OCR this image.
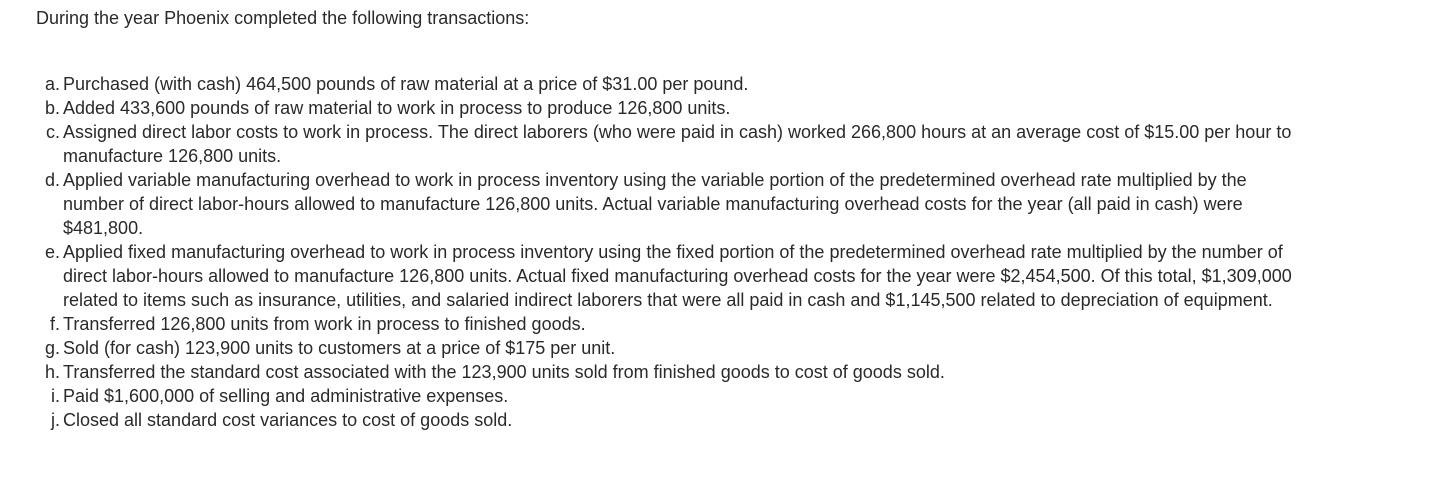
During the year Phoenix completed the following transactions:

a. Purchased (with cash) 464,500 pounds of raw material at a price of $31.00 per pound.
b. Added 433,600 pounds of raw material to work in process to produce 126,800 units.
c. Assigned direct labor costs to work in process. The direct laborers (who were paid in cash) worked 266,800 hours at an average cost of $15.00 per hour to manufacture 126,800 units.
d. Applied variable manufacturing overhead to work in process inventory using the variable portion of the predetermined overhead rate multiplied by the number of direct labor-hours allowed to manufacture 126,800 units. Actual variable manufacturing overhead costs for the year (all paid in cash) were $481,800.
e. Applied fixed manufacturing overhead to work in process inventory using the fixed portion of the predetermined overhead rate multiplied by the number of direct labor-hours allowed to manufacture 126,800 units. Actual fixed manufacturing overhead costs for the year were $2,454,500. Of this total, $1,309,000 related to items such as insurance, utilities, and salaried indirect laborers that were all paid in cash and $1,145,500 related to depreciation of equipment.
f. Transferred 126,800 units from work in process to finished goods.
g. Sold (for cash) 123,900 units to customers at a price of $175 per unit.
h. Transferred the standard cost associated with the 123,900 units sold from finished goods to cost of goods sold.
i. Paid $1,600,000 of selling and administrative expenses.
j. Closed all standard cost variances to cost of goods sold.
